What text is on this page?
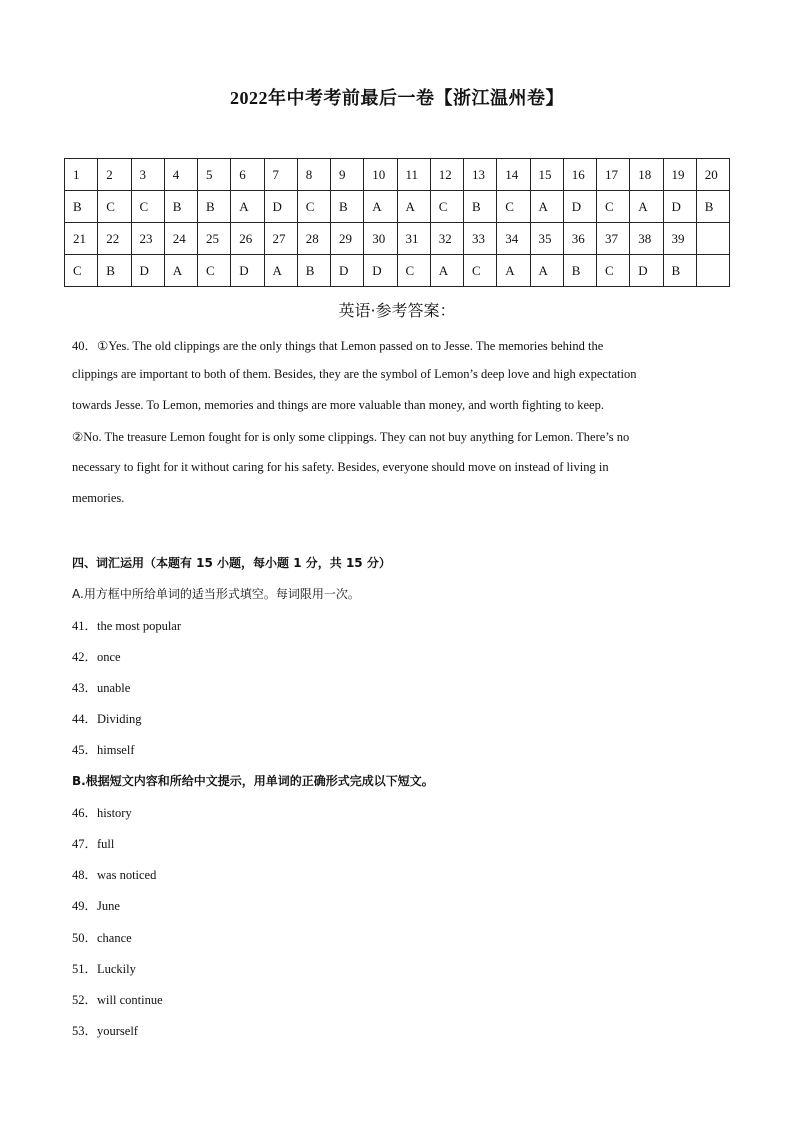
2022年中考考前最后一卷【浙江温州卷】
1	2	3	4	5	6	7	8	9	10	11	12	13	14	15	16	17	18	19	20
B	C	C	B	B	A	D	C	B	A	A	C	B	C	A	D	C	A	D	B
21	22	23	24	25	26	27	28	29	30	31	32	33	34	35	36	37	38	39	
C	B	D	A	C	D	A	B	D	D	C	A	C	A	A	B	C	D	B	
英语·参考答案：
40．①Yes. The old clippings are the only things that Lemon passed on to Jesse. The memories behind the
clippings are important to both of them. Besides, they are the symbol of Lemon’s deep love and high expectation
towards Jesse. To Lemon, memories and things are more valuable than money, and worth fighting to keep.
②No. The treasure Lemon fought for is only some clippings. They can not buy anything for Lemon. There’s no
necessary to fight for it without caring for his safety. Besides, everyone should move on instead of living in
memories.
四、词汇运用（本题有 15 小题，每小题 1 分，共 15 分）
A.用方框中所给单词的适当形式填空。每词限用一次。
41．the most popular
42．once
43．unable
44．Dividing
45．himself
B.根据短文内容和所给中文提示，用单词的正确形式完成以下短文。
46．history
47．full
48．was noticed
49．June
50．chance
51．Luckily
52．will continue
53．yourself
